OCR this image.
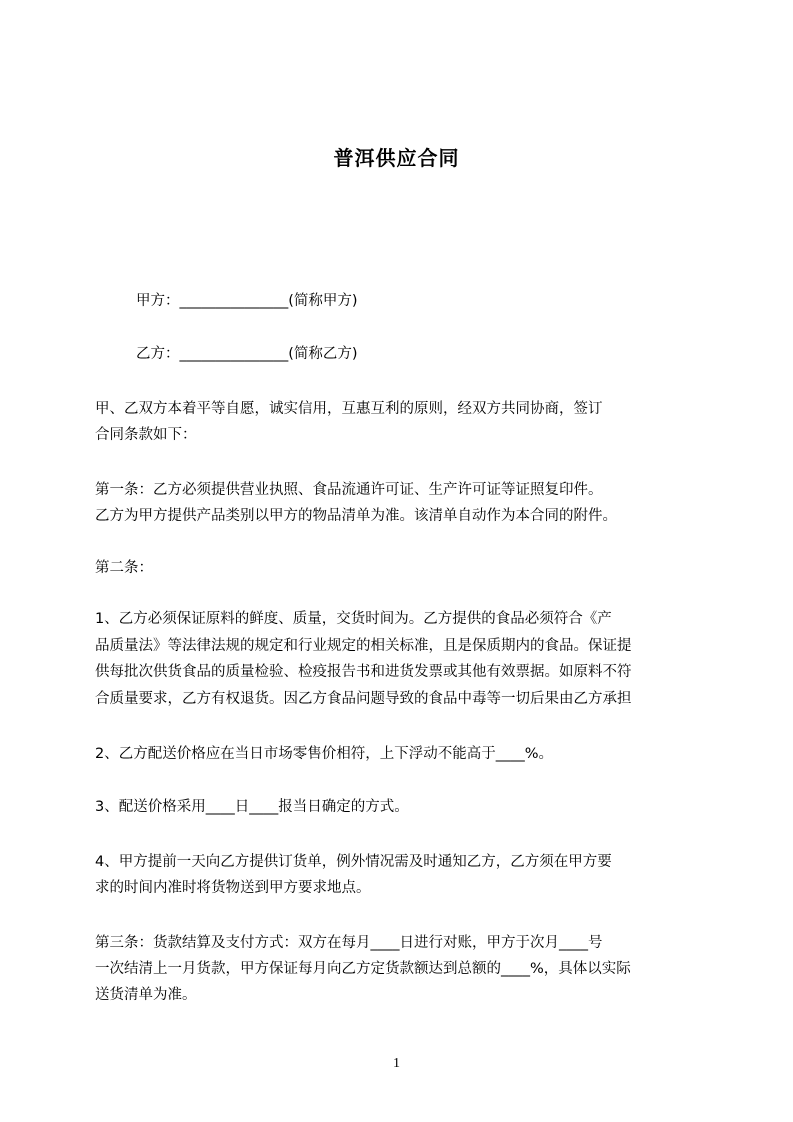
普洱供应合同
甲方：_______________(简称甲方)
乙方：_______________(简称乙方)
甲、乙双方本着平等自愿，诚实信用，互惠互利的原则，经双方共同协商，签订
合同条款如下：
第一条：乙方必须提供营业执照、食品流通许可证、生产许可证等证照复印件。
乙方为甲方提供产品类别以甲方的物品清单为准。该清单自动作为本合同的附件。
第二条：
1、乙方必须保证原料的鲜度、质量，交货时间为。乙方提供的食品必须符合《产
品质量法》等法律法规的规定和行业规定的相关标准，且是保质期内的食品。保证提
供每批次供货食品的质量检验、检疫报告书和进货发票或其他有效票据。如原料不符
合质量要求，乙方有权退货。因乙方食品问题导致的食品中毒等一切后果由乙方承担
2、乙方配送价格应在当日市场零售价相符，上下浮动不能高于____%。
3、配送价格采用____日____报当日确定的方式。
4、甲方提前一天向乙方提供订货单，例外情况需及时通知乙方，乙方须在甲方要
求的时间内准时将货物送到甲方要求地点。
第三条：货款结算及支付方式：双方在每月____日进行对账，甲方于次月____号
一次结清上一月货款，甲方保证每月向乙方定货款额达到总额的____%，具体以实际
送货清单为准。
1
